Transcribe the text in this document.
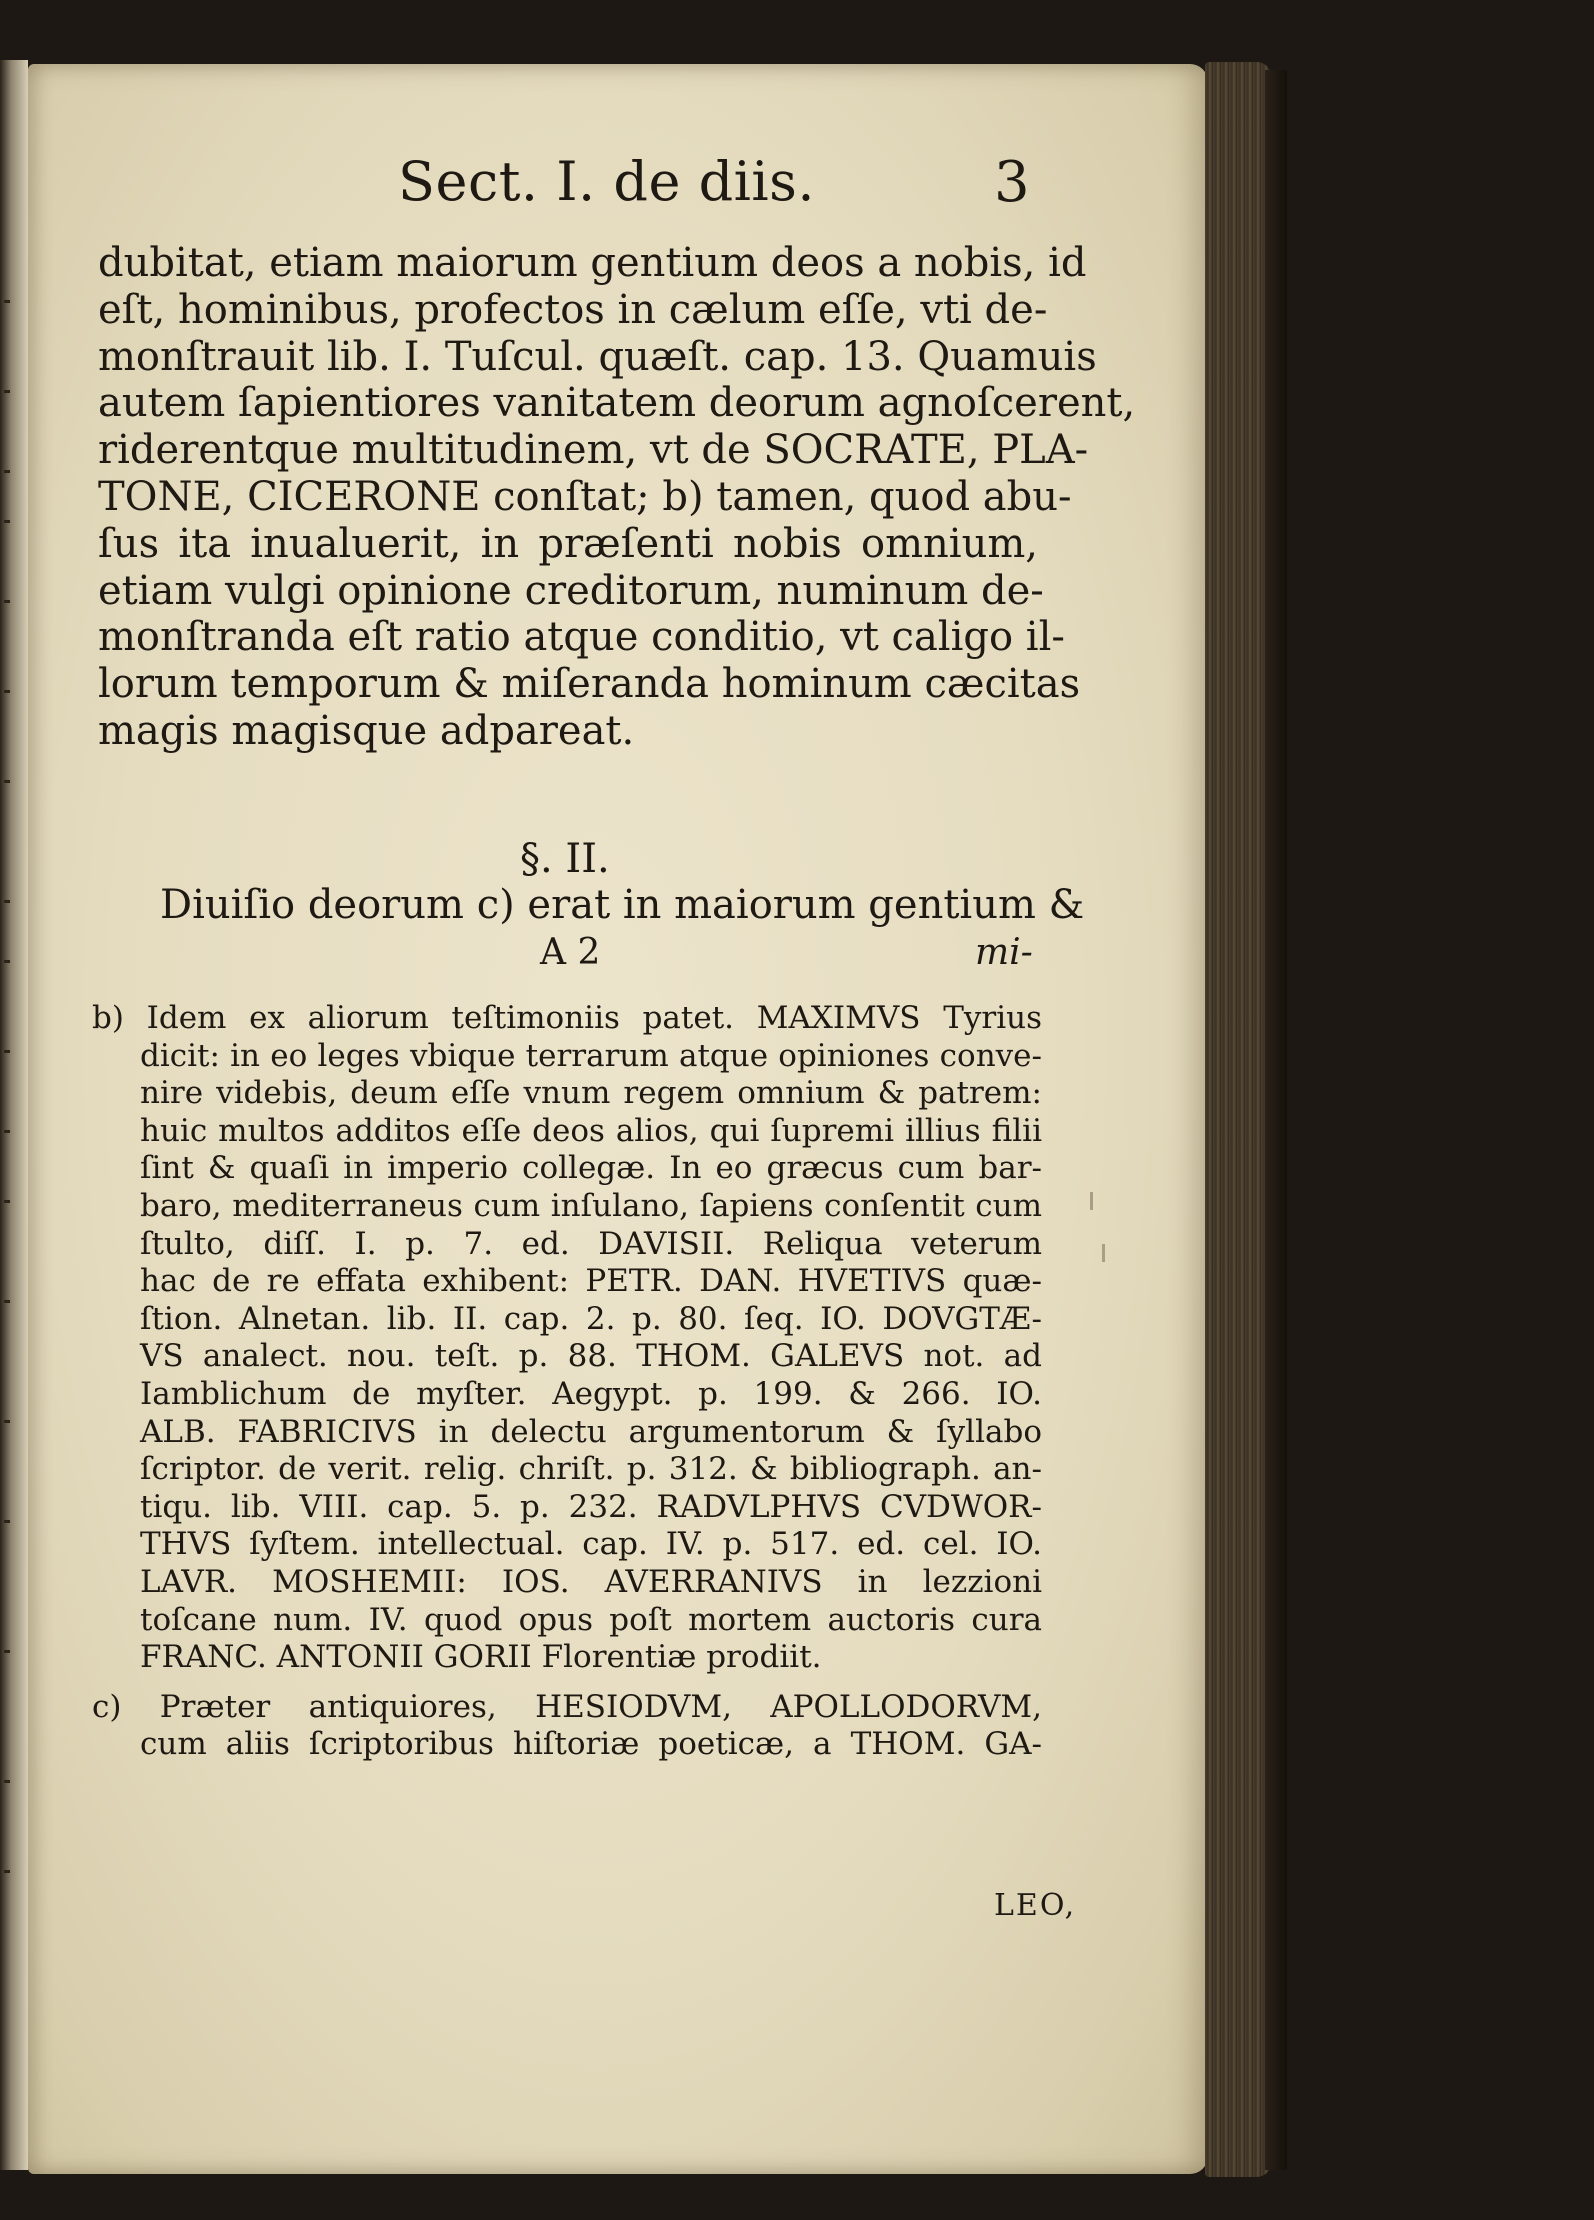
Sect. I. de diis.	3
dubitat, etiam maiorum gentium deos a nobis, id
eſt, hominibus, profectos in cælum eſſe, vti de-
monſtrauit lib. I. Tuſcul. quæſt. cap. 13. Quamuis
autem ſapientiores vanitatem deorum agnoſcerent,
riderentque multitudinem, vt de SOCRATE, PLA-
TONE, CICERONE conſtat; b) tamen, quod abu-
ſus ita inualuerit, in præſenti nobis omnium,
etiam vulgi opinione creditorum, numinum de-
monſtranda eſt ratio atque conditio, vt caligo il-
lorum temporum & miſeranda hominum cæcitas
magis magisque adpareat.
§. II.
Diuiſio deorum c) erat in maiorum gentium &
A 2	mi-
b) Idem ex aliorum teſtimoniis patet. MAXIMVS Tyrius
dicit: in eo leges vbique terrarum atque opiniones conve-
nire videbis, deum eſſe vnum regem omnium & patrem:
huic multos additos eſſe deos alios, qui ſupremi illius filii
ſint & quaſi in imperio collegæ. In eo græcus cum bar-
baro, mediterraneus cum inſulano, ſapiens conſentit cum
ſtulto, diſſ. I. p. 7. ed. DAVISII. Reliqua veterum
hac de re effata exhibent: PETR. DAN. HVETIVS quæ-
ſtion. Alnetan. lib. II. cap. 2. p. 80. ſeq. IO. DOVGTÆ-
VS analect. nou. teſt. p. 88. THOM. GALEVS not. ad
Iamblichum de myſter. Aegypt. p. 199. & 266. IO.
ALB. FABRICIVS in delectu argumentorum & ſyllabo
ſcriptor. de verit. relig. chriſt. p. 312. & bibliograph. an-
tiqu. lib. VIII. cap. 5. p. 232. RADVLPHVS CVDWOR-
THVS ſyſtem. intellectual. cap. IV. p. 517. ed. cel. IO.
LAVR. MOSHEMII: IOS. AVERRANIVS in lezzioni
toſcane num. IV. quod opus poſt mortem auctoris cura
FRANC. ANTONII GORII Florentiæ prodiit.
c) Præter antiquiores, HESIODVM, APOLLODORVM,
cum aliis ſcriptoribus hiſtoriæ poeticæ, a THOM. GA-
LEO,
